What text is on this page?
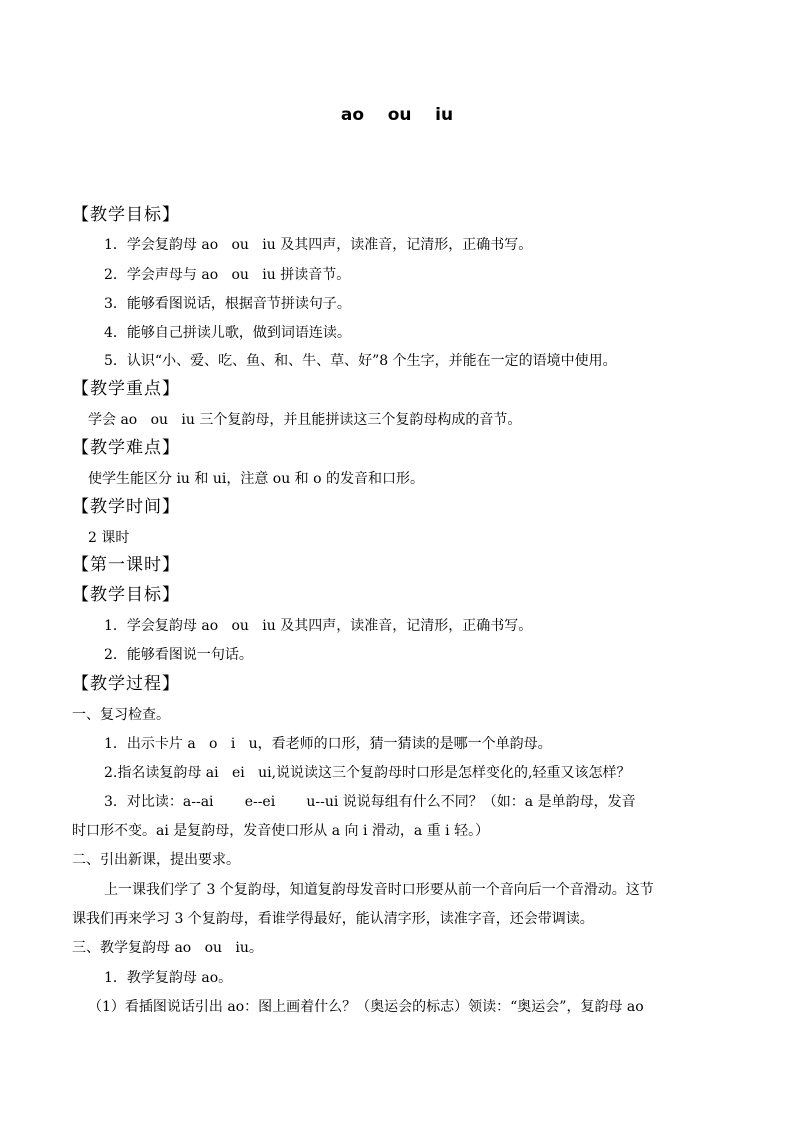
ao    ou    iu
【教学目标】
1．学会复韵母 ao   ou   iu 及其四声，读准音，记清形，正确书写。
2．学会声母与 ao   ou   iu 拼读音节。
3．能够看图说话，根据音节拼读句子。
4．能够自己拼读儿歌，做到词语连读。
5．认识“小、爱、吃、鱼、和、牛、草、好”8 个生字，并能在一定的语境中使用。
【教学重点】
学会 ao   ou   iu 三个复韵母，并且能拼读这三个复韵母构成的音节。
【教学难点】
使学生能区分 iu 和 ui，注意 ou 和 o 的发音和口形。
【教学时间】
2 课时
【第一课时】
【教学目标】
1．学会复韵母 ao   ou   iu 及其四声，读准音，记清形，正确书写。
2．能够看图说一句话。
【教学过程】
一、复习检查。
1．出示卡片 a   o   i   u，看老师的口形，猜一猜读的是哪一个单韵母。
2.指名读复韵母 ai   ei   ui,说说读这三个复韵母时口形是怎样变化的,轻重又该怎样？
3．对比读：a--ai       e--ei       u--ui 说说每组有什么不同？（如：a 是单韵母，发音
时口形不变。ai 是复韵母，发音使口形从 a 向 i 滑动，a 重 i 轻。）
二、引出新课，提出要求。
上一课我们学了 3 个复韵母，知道复韵母发音时口形要从前一个音向后一个音滑动。这节
课我们再来学习 3 个复韵母，看谁学得最好，能认清字形，读准字音，还会带调读。
三、教学复韵母 ao   ou   iu。
1．教学复韵母 ao。
（1）看插图说话引出 ao：图上画着什么？（奥运会的标志）领读：“奥运会”，复韵母 ao
